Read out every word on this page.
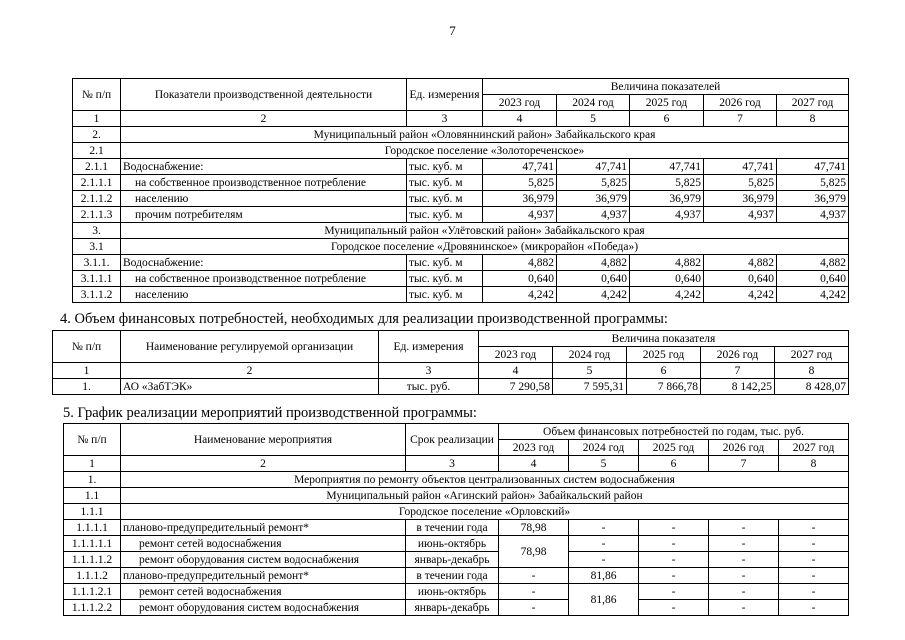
7
№ п/п	Показатели производственной деятельности	Ед. измерения	Величина показателей				
			2023 год	2024 год	2025 год	2026 год	2027 год
1	2	3	4	5	6	7	8
2.	Муниципальный район «Оловяннинский район» Забайкальского края						
2.1	Городское поселение «Золотореченское»						
2.1.1	Водоснабжение:	тыс. куб. м	47,741	47,741	47,741	47,741	47,741
2.1.1.1	на собственное производственное потребление	тыс. куб. м	5,825	5,825	5,825	5,825	5,825
2.1.1.2	населению	тыс. куб. м	36,979	36,979	36,979	36,979	36,979
2.1.1.3	прочим потребителям	тыс. куб. м	4,937	4,937	4,937	4,937	4,937
3.	Муниципальный район «Улётовский район» Забайкальского края						
3.1	Городское поселение «Дровянинское» (микрорайон «Победа»)						
3.1.1.	Водоснабжение:	тыс. куб. м	4,882	4,882	4,882	4,882	4,882
3.1.1.1	на собственное производственное потребление	тыс. куб. м	0,640	0,640	0,640	0,640	0,640
3.1.1.2	населению	тыс. куб. м	4,242	4,242	4,242	4,242	4,242
4. Объем финансовых потребностей, необходимых для реализации производственной программы:
№ п/п	Наименование регулируемой организации	Ед. измерения	Величина показателя				
			2023 год	2024 год	2025 год	2026 год	2027 год
1	2	3	4	5	6	7	8
1.	АО «ЗабТЭК»	тыс. руб.	7 290,58	7 595,31	7 866,78	8 142,25	8 428,07
5. График реализации мероприятий производственной программы:
№ п/п	Наименование мероприятия	Срок реализации	Объем финансовых потребностей по годам, тыс. руб.				
			2023 год	2024 год	2025 год	2026 год	2027 год
1	2	3	4	5	6	7	8
1.	Мероприятия по ремонту объектов централизованных систем водоснабжения						
1.1	Муниципальный район «Агинский район» Забайкальский район						
1.1.1	Городское поселение «Орловский»						
1.1.1.1	планово-предупредительный ремонт*	в течении года	78,98	-	-	-	-
1.1.1.1.1	ремонт сетей водоснабжения	июнь-октябрь	78,98	-	-	-	-
1.1.1.1.2	ремонт оборудования систем водоснабжения	январь-декабрь		-	-	-	-
1.1.1.2	планово-предупредительный ремонт*	в течении года	-	81,86	-	-	-
1.1.1.2.1	ремонт сетей водоснабжения	июнь-октябрь	-	81,86	-	-	-
1.1.1.2.2	ремонт оборудования систем водоснабжения	январь-декабрь	-		-	-	-
